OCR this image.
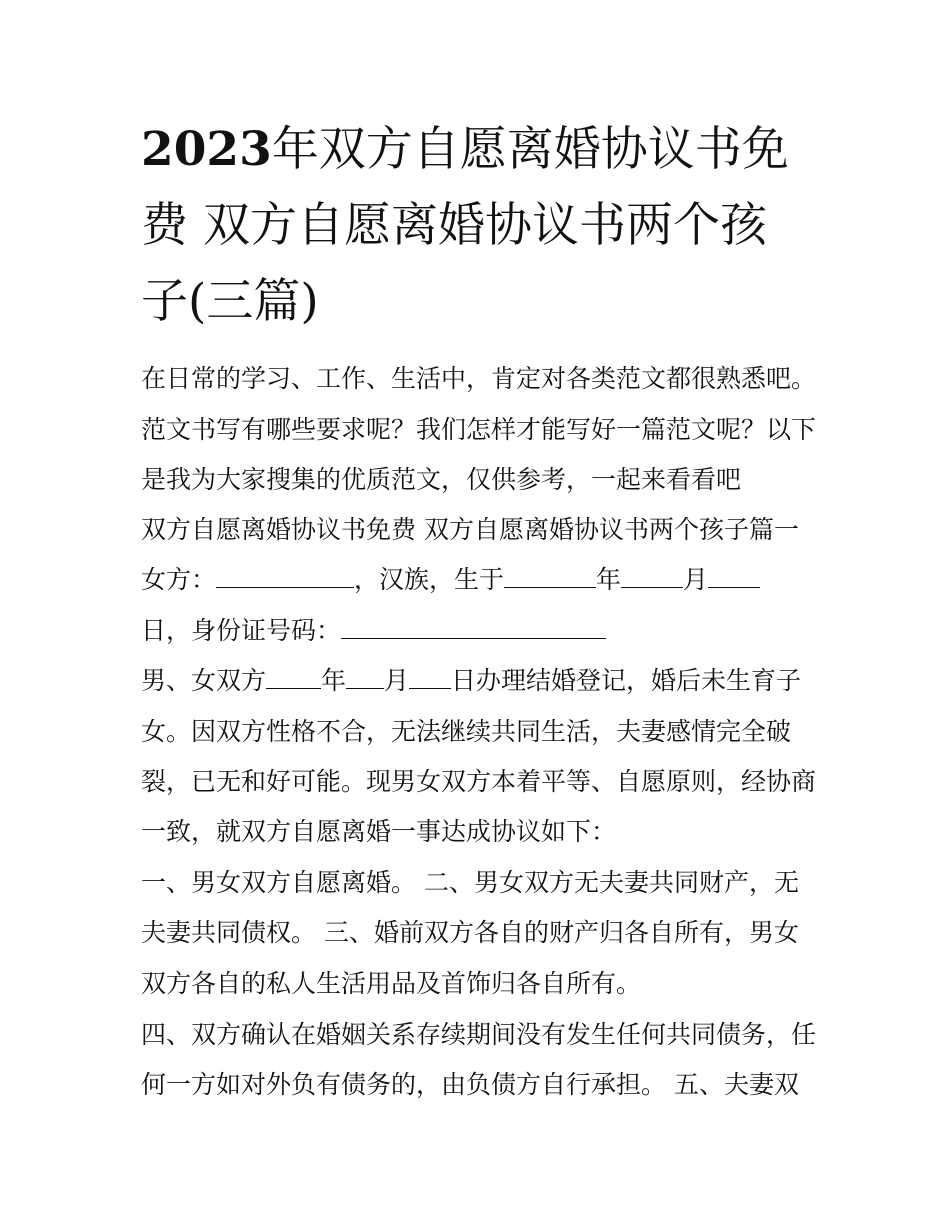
2023年双方自愿离婚协议书免
费 双方自愿离婚协议书两个孩
子(三篇)

在日常的学习、工作、生活中，肯定对各类范文都很熟悉吧。

范文书写有哪些要求呢？我们怎样才能写好一篇范文呢？以下

是我为大家搜集的优质范文，仅供参考，一起来看看吧

双方自愿离婚协议书免费 双方自愿离婚协议书两个孩子篇一

女方：	，汉族，生于	年 月

日，身份证号码：

男、女双方 年 月 日办理结婚登记，婚后未生育子

女。因双方性格不合，无法继续共同生活，夫妻感情完全破

裂，已无和好可能。现男女双方本着平等、自愿原则，经协商

一致，就双方自愿离婚一事达成协议如下：

一、男女双方自愿离婚。 二、男女双方无夫妻共同财产，无

夫妻共同债权。 三、婚前双方各自的财产归各自所有，男女

双方各自的私人生活用品及首饰归各自所有。

四、双方确认在婚姻关系存续期间没有发生任何共同债务，任

何一方如对外负有债务的，由负债方自行承担。 五、夫妻双
